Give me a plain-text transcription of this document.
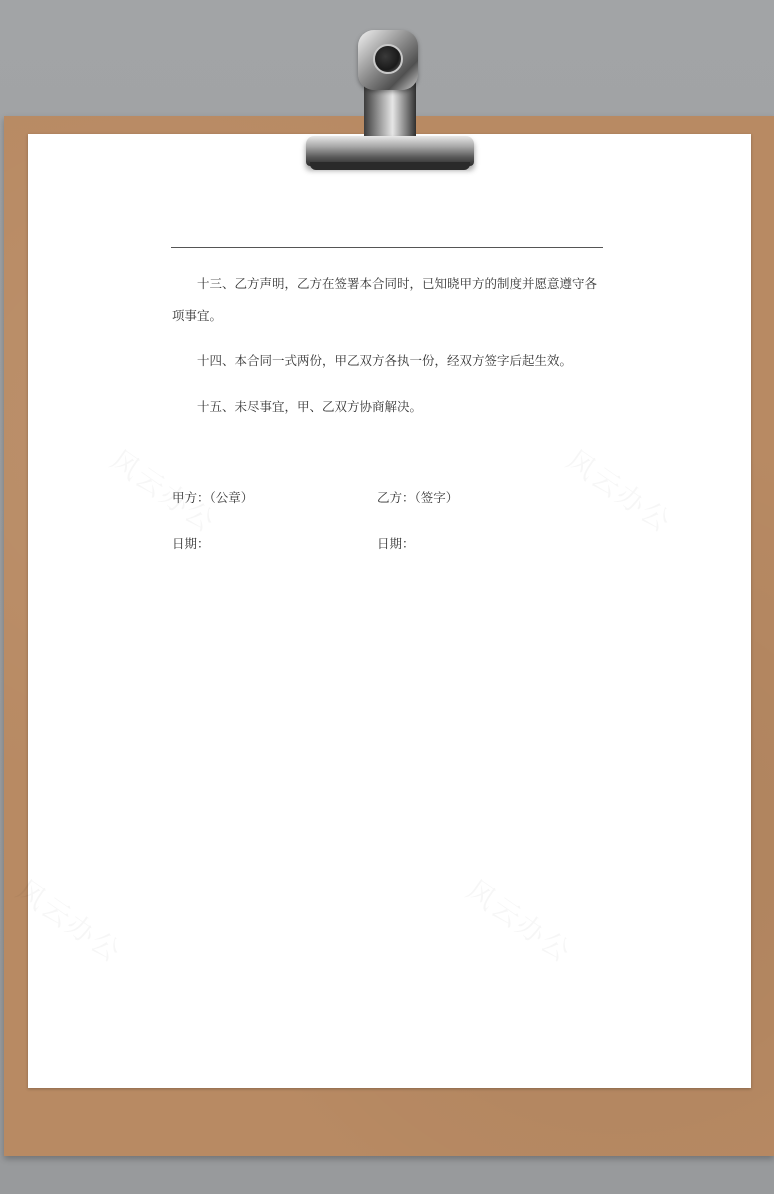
十三、乙方声明，乙方在签署本合同时，已知晓甲方的制度并愿意遵守各项事宜。

十四、本合同一式两份，甲乙双方各执一份，经双方签字后起生效。

十五、未尽事宜，甲、乙双方协商解决。

甲方：（公章）	乙方：（签字）
日期：	日期：
